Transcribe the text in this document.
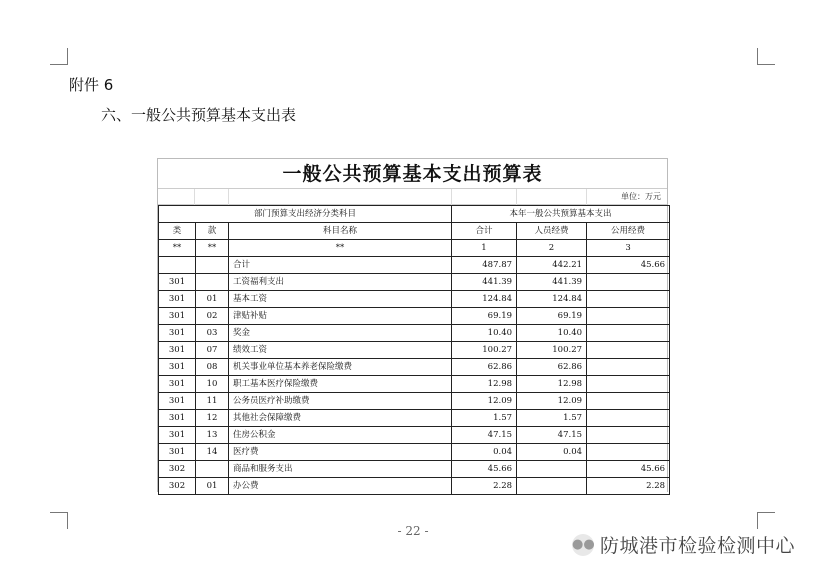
附件 6
六、一般公共预算基本支出表
一般公共预算基本支出预算表
单位：万元
部门预算支出经济分类科目			本年一般公共预算基本支出		
类	款	科目名称	合计	人员经费	公用经费
**	**	**	1	2	3
		合计	487.87	442.21	45.66
301		工资福利支出	441.39	441.39	
301	01	基本工资	124.84	124.84	
301	02	津贴补贴	69.19	69.19	
301	03	奖金	10.40	10.40	
301	07	绩效工资	100.27	100.27	
301	08	机关事业单位基本养老保险缴费	62.86	62.86	
301	10	职工基本医疗保险缴费	12.98	12.98	
301	11	公务员医疗补助缴费	12.09	12.09	
301	12	其他社会保障缴费	1.57	1.57	
301	13	住房公积金	47.15	47.15	
301	14	医疗费	0.04	0.04	
302		商品和服务支出	45.66		45.66
302	01	办公费	2.28		2.28
- 22 -
●● 防城港市检验检测中心
